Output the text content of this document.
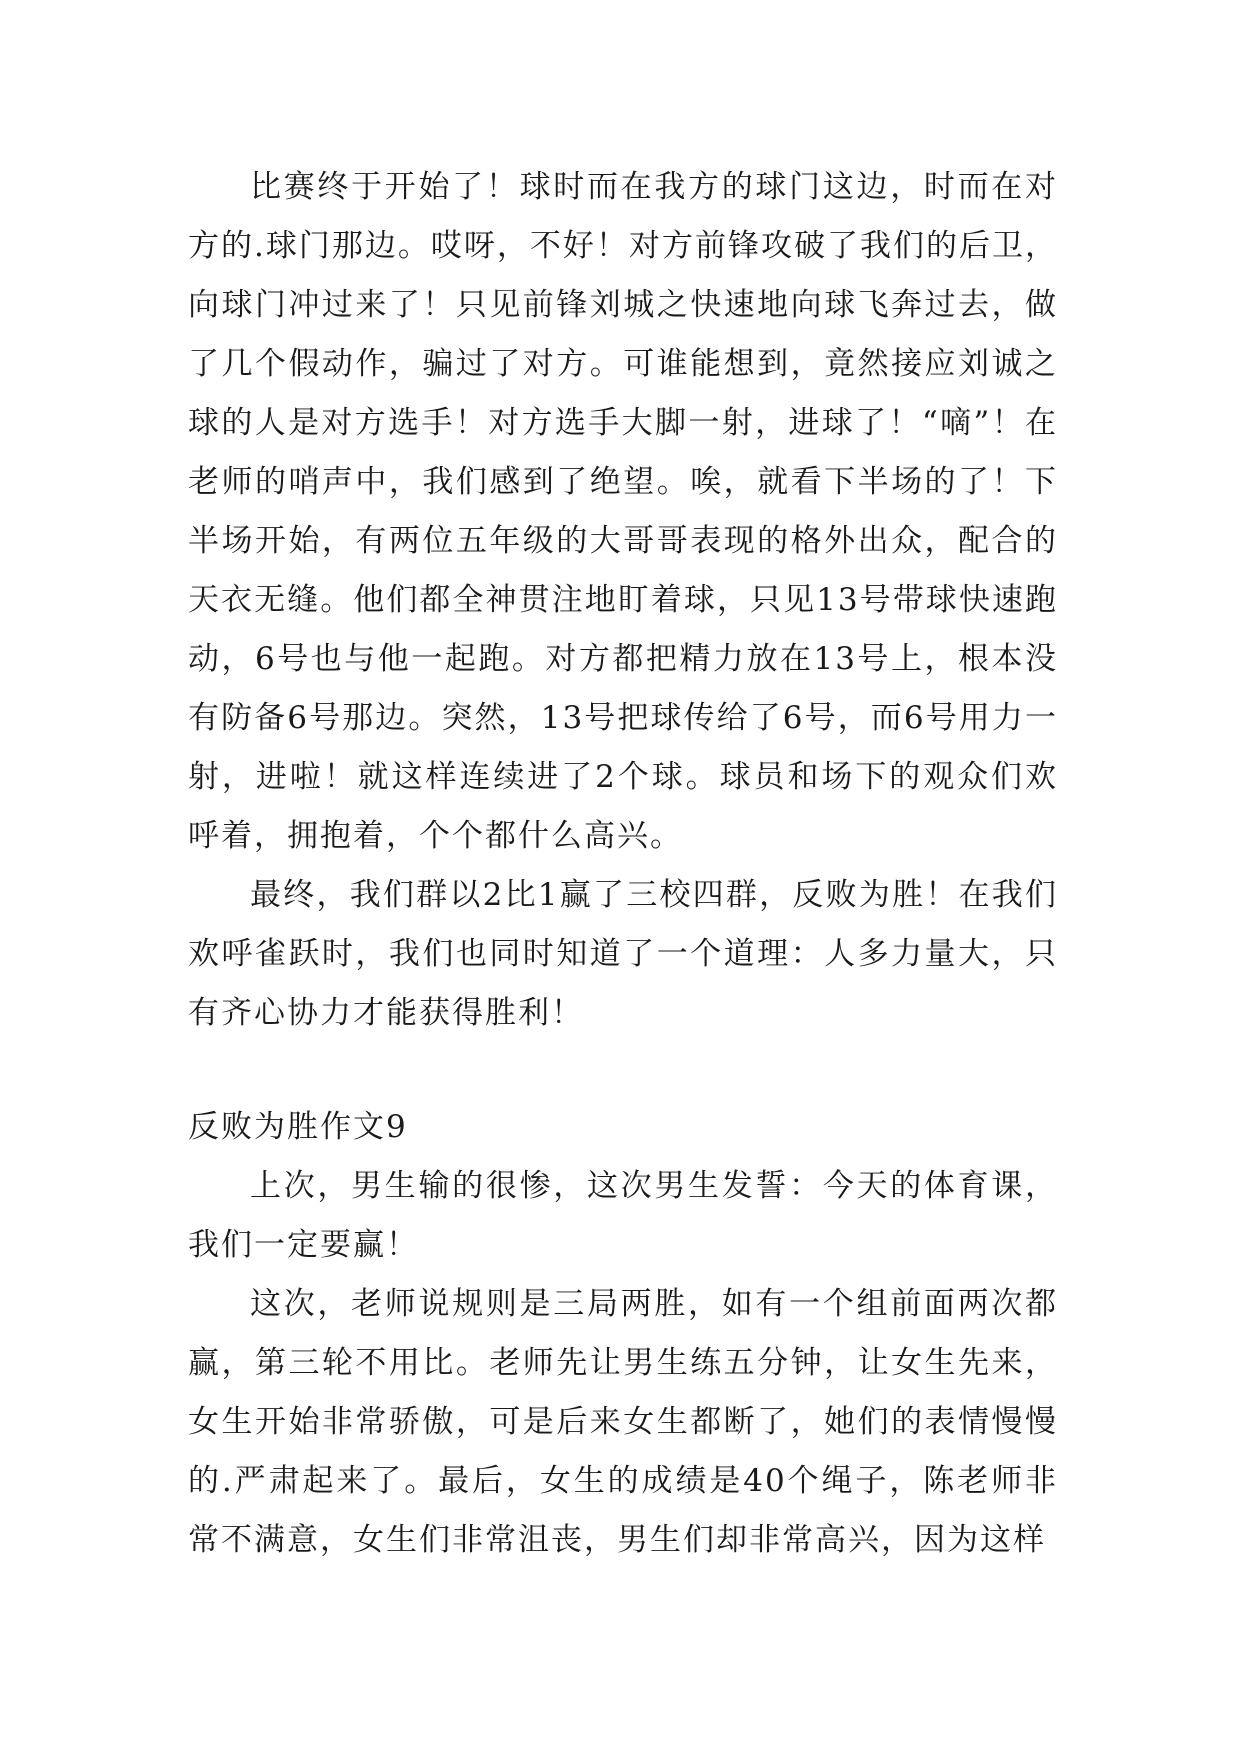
比赛终于开始了！球时而在我方的球门这边，时而在对方的.球门那边。哎呀，不好！对方前锋攻破了我们的后卫，向球门冲过来了！只见前锋刘城之快速地向球飞奔过去，做了几个假动作，骗过了对方。可谁能想到，竟然接应刘诚之球的人是对方选手！对方选手大脚一射，进球了！“嘀”！在老师的哨声中，我们感到了绝望。唉，就看下半场的了！下半场开始，有两位五年级的大哥哥表现的格外出众，配合的天衣无缝。他们都全神贯注地盯着球，只见13号带球快速跑动，6号也与他一起跑。对方都把精力放在13号上，根本没有防备6号那边。突然，13号把球传给了6号，而6号用力一射，进啦！就这样连续进了2个球。球员和场下的观众们欢呼着，拥抱着，个个都什么高兴。

最终，我们群以2比1赢了三校四群，反败为胜！在我们欢呼雀跃时，我们也同时知道了一个道理：人多力量大，只有齐心协力才能获得胜利！

反败为胜作文9

上次，男生输的很惨，这次男生发誓：今天的体育课，我们一定要赢！

这次，老师说规则是三局两胜，如有一个组前面两次都赢，第三轮不用比。老师先让男生练五分钟，让女生先来，女生开始非常骄傲，可是后来女生都断了，她们的表情慢慢的.严肃起来了。最后，女生的成绩是40个绳子，陈老师非常不满意，女生们非常沮丧，男生们却非常高兴，因为这样
